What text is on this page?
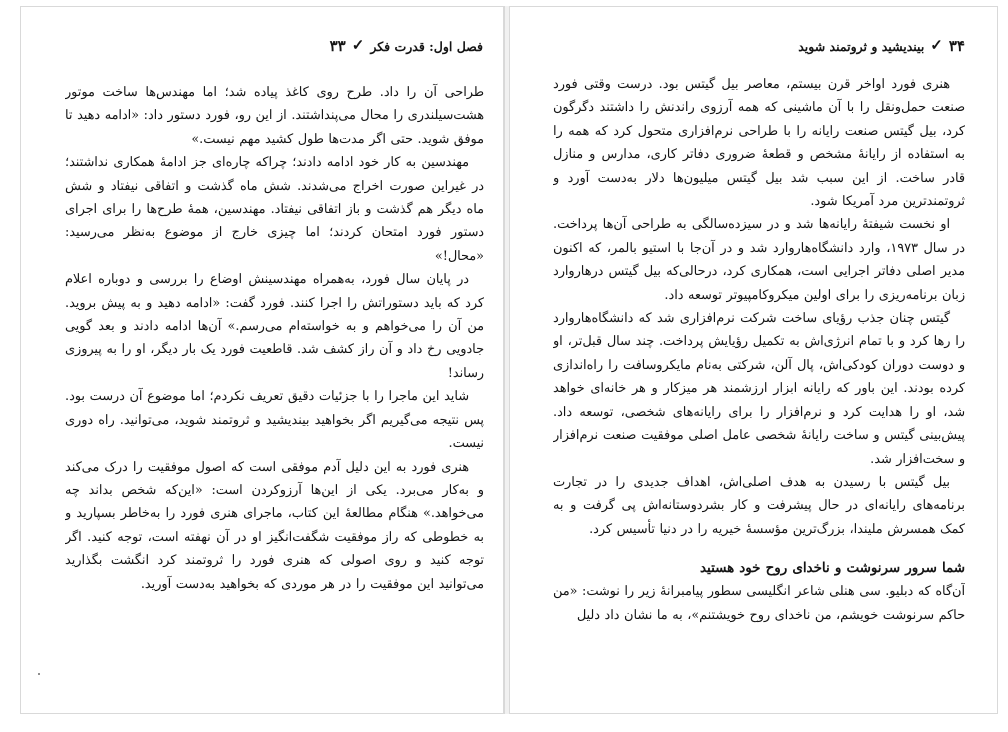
فصل اول: قدرت فکر
✓
۳۳

طراحی آن را داد. طرح روی کاغذ پیاده شد؛ اما مهندس‌ها ساخت موتور هشت‌سیلندری را محال می‌پنداشتند. از این رو، فورد دستور داد: «ادامه دهید تا موفق شوید. حتی اگر مدت‌ها طول کشید مهم نیست.»

مهندسین به کار خود ادامه دادند؛ چراکه چاره‌ای جز ادامهٔ همکاری نداشتند؛ در غیراین صورت اخراج می‌شدند. شش ماه گذشت و اتفاقی نیفتاد و شش ماه دیگر هم گذشت و باز اتفاقی نیفتاد. مهندسین، همهٔ طرح‌ها را برای اجرای دستور فورد امتحان کردند؛ اما چیزی خارج از موضوع به‌نظر می‌رسید: «محال!»

در پایان سال فورد، به‌همراه مهندسینش اوضاع را بررسی و دوباره اعلام کرد که باید دستوراتش را اجرا کنند. فورد گفت: «ادامه دهید و به پیش بروید. من آن را می‌خواهم و به خواسته‌ام می‌رسم.» آن‌ها ادامه دادند و بعد گویی جادویی رخ داد و آن راز کشف شد. قاطعیت فورد یک بار دیگر، او را به پیروزی رساند!

شاید این ماجرا را با جزئیات دقیق تعریف نکردم؛ اما موضوع آن درست بود. پس نتیجه می‌گیریم اگر بخواهید بیندیشید و ثروتمند شوید، می‌توانید. راه دوری نیست.

هنری فورد به این دلیل آدم موفقی است که اصول موفقیت را درک می‌کند و به‌کار می‌برد. یکی از این‌ها آرزوکردن است: «این‌که شخص بداند چه می‌خواهد.» هنگام مطالعهٔ این کتاب، ماجرای هنری فورد را به‌خاطر بسپارید و به خطوطی که راز موفقیت شگفت‌انگیز او در آن نهفته است، توجه کنید. اگر توجه کنید و روی اصولی که هنری فورد را ثروتمند کرد انگشت بگذارید می‌توانید این موفقیت را در هر موردی که بخواهید به‌دست آورید.

۳۴
✓
بیندیشید و ثروتمند شوید

هنری فورد اواخر قرن بیستم، معاصر بیل گیتس بود. درست وقتی فورد صنعت حمل‌ونقل را با آن ماشینی که همه آرزوی راندنش را داشتند دگرگون کرد، بیل گیتس صنعت رایانه را با طراحی نرم‌افزاری متحول کرد که همه را به استفاده از رایانهٔ مشخص و قطعهٔ ضروری دفاتر کاری، مدارس و منازل قادر ساخت. از این سبب شد بیل گیتس میلیون‌ها دلار به‌دست آورد و ثروتمندترین مرد آمریکا شود.

او نخست شیفتهٔ رایانه‌ها شد و در سیزده‌سالگی به طراحی آن‌ها پرداخت. در سال ۱۹۷۳، وارد دانشگاه‌هاروارد شد و در آن‌جا با استیو بالمر، که اکنون مدیر اصلی دفاتر اجرایی است، همکاری کرد، درحالی‌که بیل گیتس درهاروارد زبان برنامه‌ریزی را برای اولین میکروکامپیوتر توسعه داد.

گیتس چنان جذب رؤیای ساخت شرکت نرم‌افزاری شد که دانشگاه‌هاروارد را رها کرد و با تمام انرژی‌اش به تکمیل رؤیایش پرداخت. چند سال قبل‌تر، او و دوست دوران کودکی‌اش، پال آلن، شرکتی به‌نام مایکروسافت را راه‌اندازی کرده بودند. این باور که رایانه ابزار ارزشمند هر میزکار و هر خانه‌ای خواهد شد، او را هدایت کرد و نرم‌افزار را برای رایانه‌های شخصی، توسعه داد. پیش‌بینی گیتس و ساخت رایانهٔ شخصی عامل اصلی موفقیت صنعت نرم‌افزار و سخت‌افزار شد.

بیل گیتس با رسیدن به هدف اصلی‌اش، اهداف جدیدی را در تجارت برنامه‌های رایانه‌ای در حال پیشرفت و کار بشردوستانه‌اش پی گرفت و به کمک همسرش ملیندا، بزرگ‌ترین مؤسسهٔ خیریه را در دنیا تأسیس کرد.

شما سرور سرنوشت و ناخدای روح خود هستید

آن‌گاه که دبلیو. سی هنلی شاعر انگلیسی سطور پیامبرانهٔ زیر را نوشت: «من حاکم سرنوشت خویشم، من ناخدای روح خویشتنم»، به ما نشان داد دلیل
